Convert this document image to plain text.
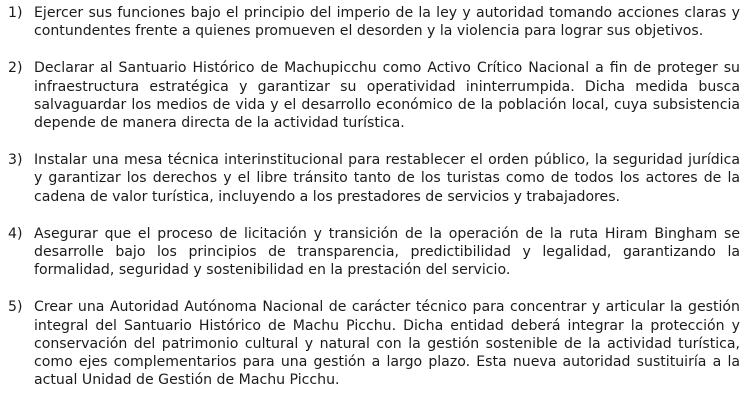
1) Ejercer sus funciones bajo el principio del imperio de la ley y autoridad tomando acciones claras y contundentes frente a quienes promueven el desorden y la violencia para lograr sus objetivos.
2) Declarar al Santuario Histórico de Machupicchu como Activo Crítico Nacional a fin de proteger su infraestructura estratégica y garantizar su operatividad ininterrumpida. Dicha medida busca salvaguardar los medios de vida y el desarrollo económico de la población local, cuya subsistencia depende de manera directa de la actividad turística.
3) Instalar una mesa técnica interinstitucional para restablecer el orden público, la seguridad jurídica y garantizar los derechos y el libre tránsito tanto de los turistas como de todos los actores de la cadena de valor turística, incluyendo a los prestadores de servicios y trabajadores.
4) Asegurar que el proceso de licitación y transición de la operación de la ruta Hiram Bingham se desarrolle bajo los principios de transparencia, predictibilidad y legalidad, garantizando la formalidad, seguridad y sostenibilidad en la prestación del servicio.
5) Crear una Autoridad Autónoma Nacional de carácter técnico para concentrar y articular la gestión integral del Santuario Histórico de Machu Picchu. Dicha entidad deberá integrar la protección y conservación del patrimonio cultural y natural con la gestión sostenible de la actividad turística, como ejes complementarios para una gestión a largo plazo. Esta nueva autoridad sustituiría a la actual Unidad de Gestión de Machu Picchu.
